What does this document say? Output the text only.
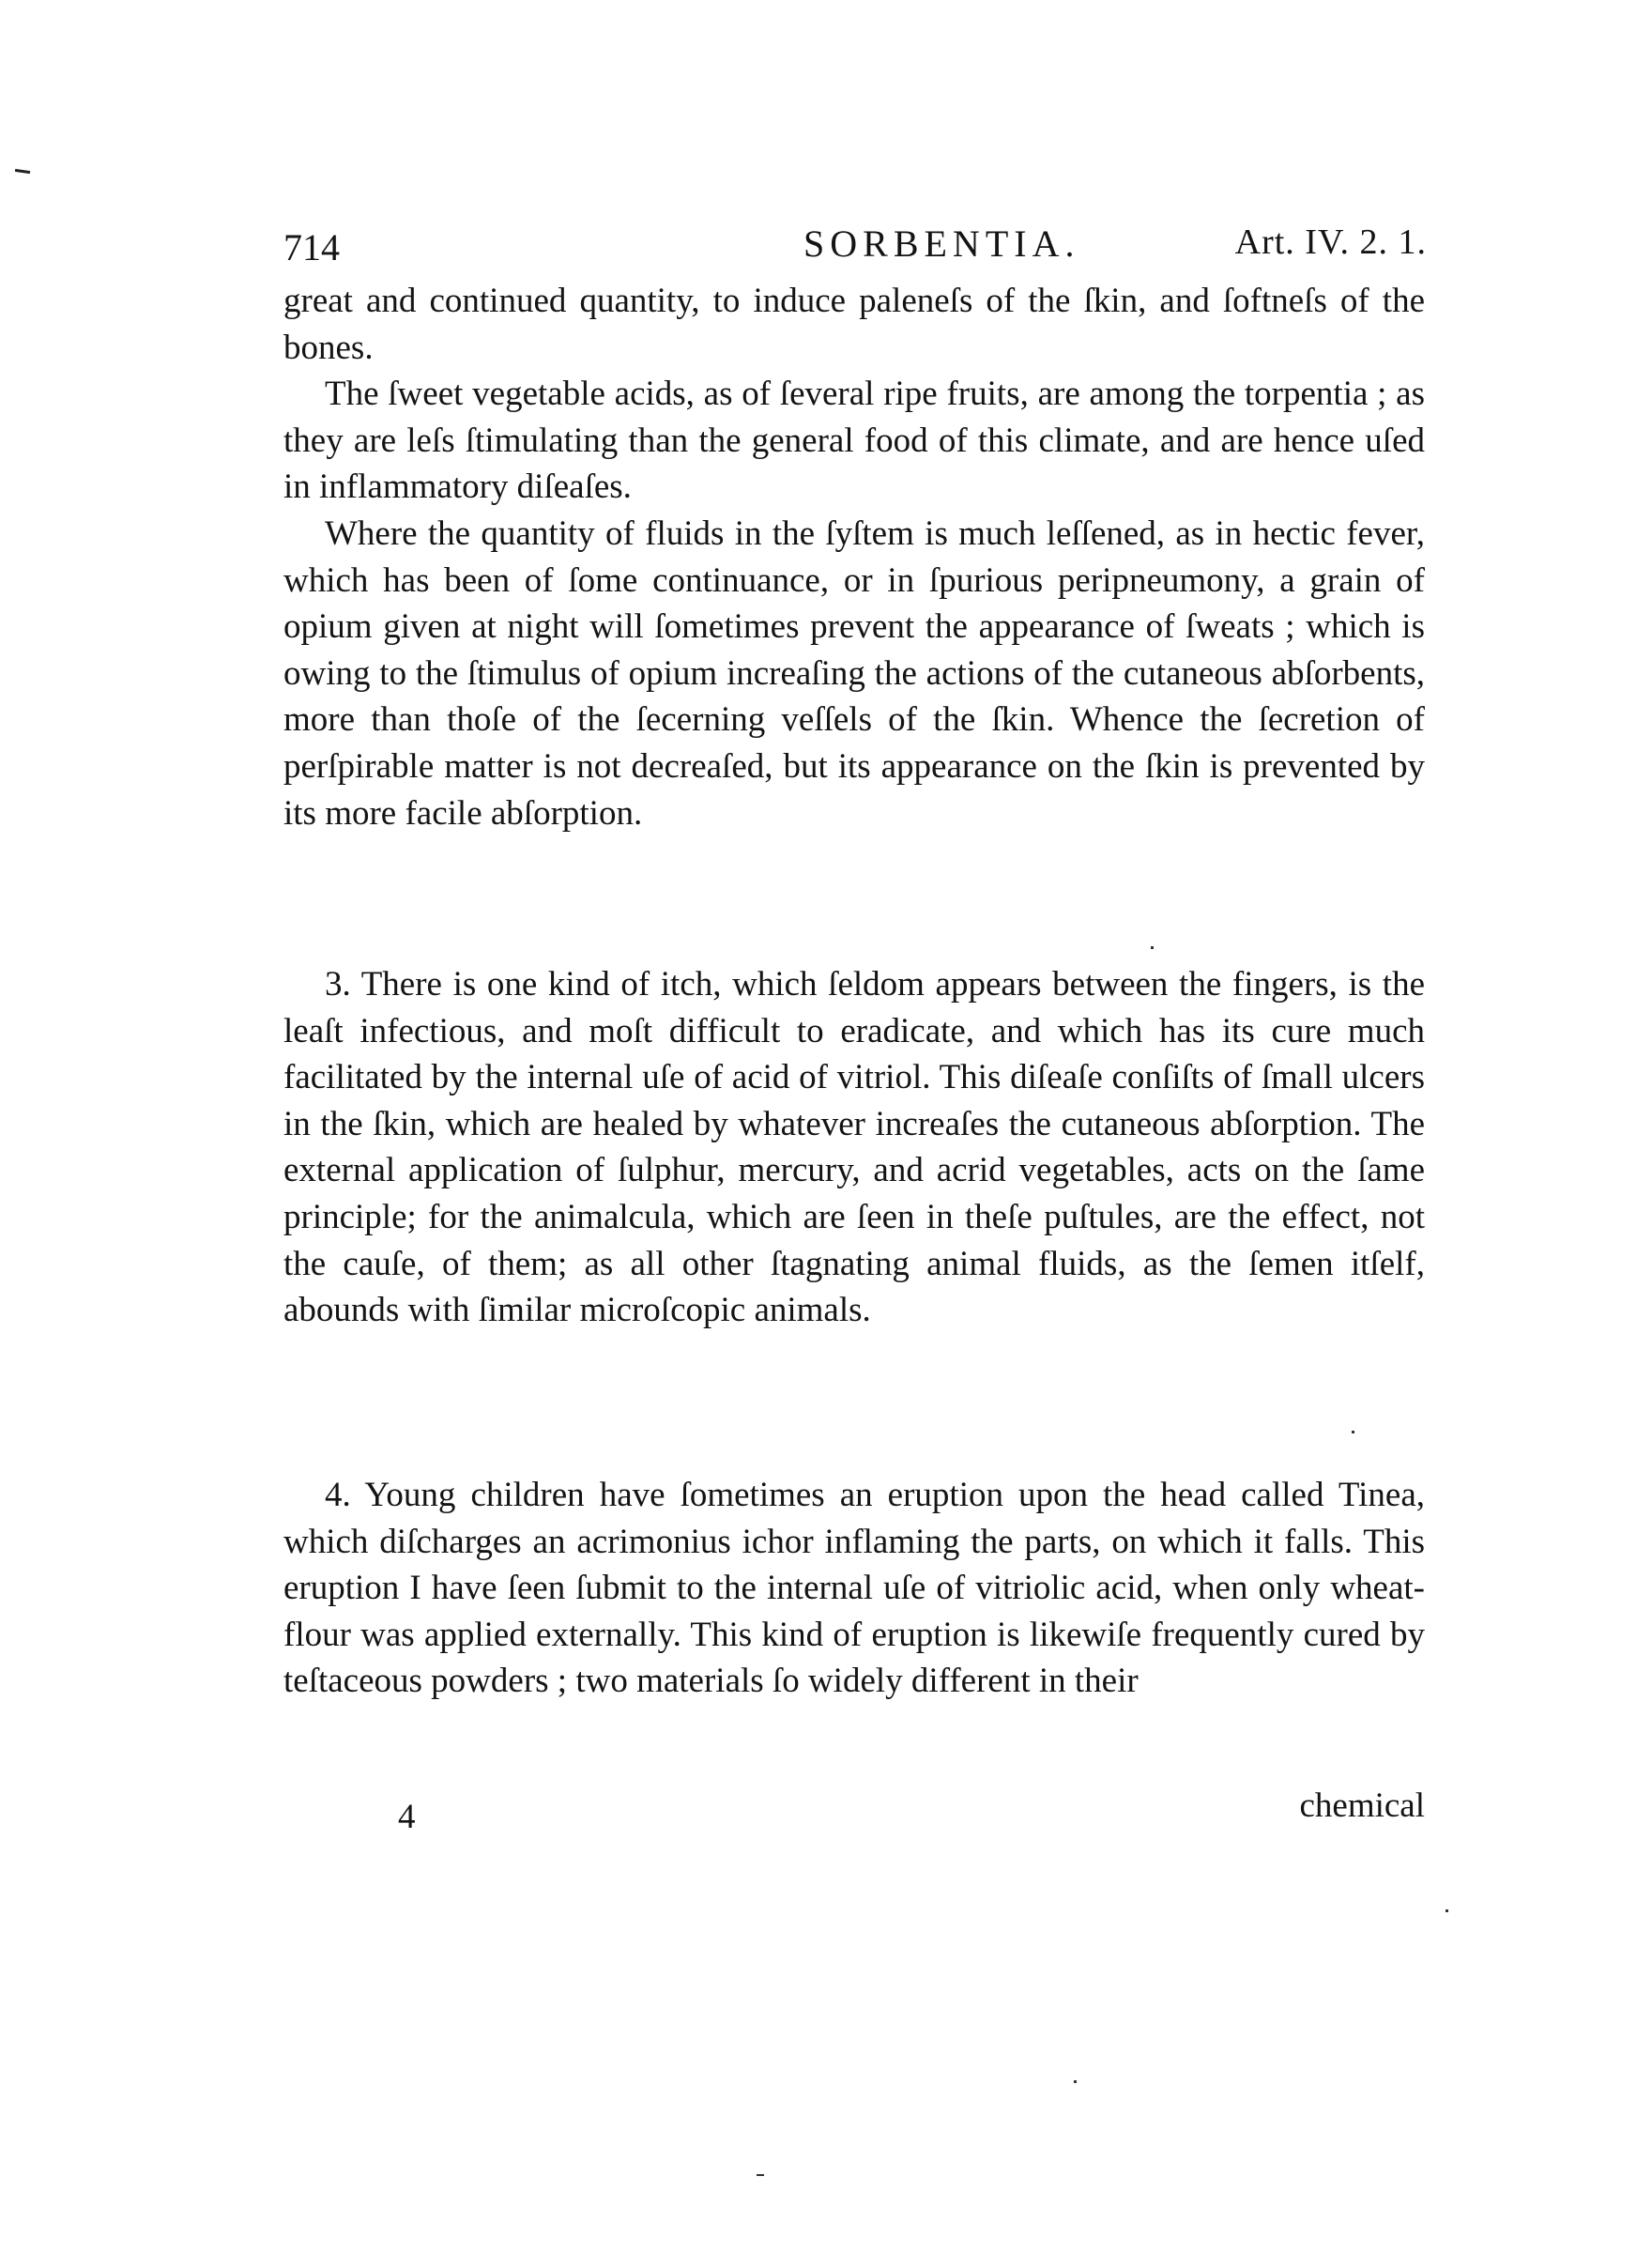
714	SORBENTIA.	Art. IV. 2. 1.

great and continued quantity, to induce paleneſs of the ſkin, and ſoftneſs of the bones.

The ſweet vegetable acids, as of ſeveral ripe fruits, are among the torpentia ; as they are leſs ſtimulating than the general food of this climate, and are hence uſed in inflammatory diſeaſes.

Where the quantity of fluids in the ſyſtem is much leſſened, as in hectic fever, which has been of ſome continuance, or in ſpurious peripneumony, a grain of opium given at night will ſometimes prevent the appearance of ſweats ; which is owing to the ſtimulus of opium increaſing the actions of the cutaneous abſorbents, more than thoſe of the ſecerning veſſels of the ſkin. Whence the ſecretion of perſpirable matter is not decreaſed, but its appearance on the ſkin is prevented by its more facile abſorption.

3. There is one kind of itch, which ſeldom appears between the fingers, is the leaſt infectious, and moſt difficult to eradicate, and which has its cure much facilitated by the internal uſe of acid of vitriol. This diſeaſe conſiſts of ſmall ulcers in the ſkin, which are healed by whatever increaſes the cutaneous abſorption. The external application of ſulphur, mercury, and acrid vegetables, acts on the ſame principle; for the animalcula, which are ſeen in theſe puſtules, are the effect, not the cauſe, of them; as all other ſtagnating animal fluids, as the ſemen itſelf, abounds with ſimilar microſcopic animals.

4. Young children have ſometimes an eruption upon the head called Tinea, which diſcharges an acrimonius ichor inflaming the parts, on which it falls. This eruption I have ſeen ſubmit to the internal uſe of vitriolic acid, when only wheat-flour was applied externally. This kind of eruption is likewiſe frequently cured by teſtaceous powders ; two materials ſo widely different in their

4	chemical
